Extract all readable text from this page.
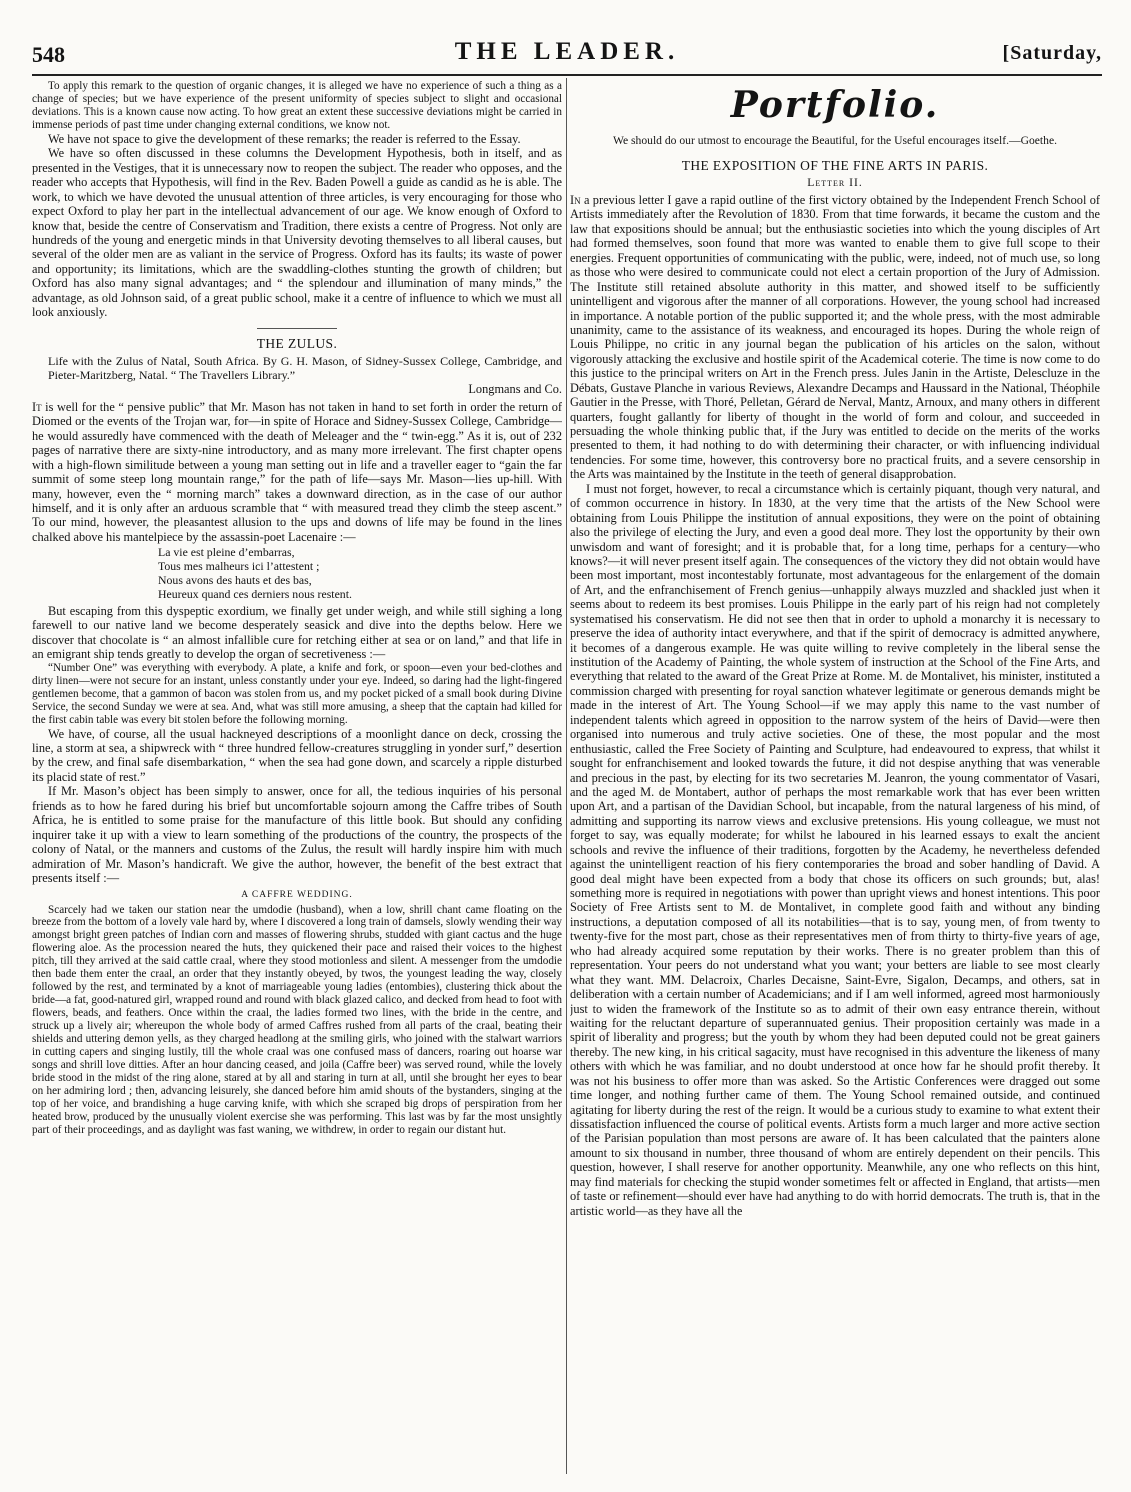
548	THE LEADER.	[Saturday,

To apply this remark to the question of organic changes, it is alleged we have no experience of such a thing as a change of species; but we have experience of the present uniformity of species subject to slight and occasional deviations. This is a known cause now acting. To how great an extent these successive deviations might be carried in immense periods of past time under changing external conditions, we know not.

We have not space to give the development of these remarks; the reader is referred to the Essay.

We have so often discussed in these columns the Development Hypothesis, both in itself, and as presented in the Vestiges, that it is unnecessary now to reopen the subject. The reader who opposes, and the reader who accepts that Hypothesis, will find in the Rev. Baden Powell a guide as candid as he is able. The work, to which we have devoted the unusual attention of three articles, is very encouraging for those who expect Oxford to play her part in the intellectual advancement of our age. We know enough of Oxford to know that, beside the centre of Conservatism and Tradition, there exists a centre of Progress. Not only are hundreds of the young and energetic minds in that University devoting themselves to all liberal causes, but several of the older men are as valiant in the service of Progress. Oxford has its faults; its waste of power and opportunity; its limitations, which are the swaddling-clothes stunting the growth of children; but Oxford has also many signal advantages; and “ the splendour and illumination of many minds,” the advantage, as old Johnson said, of a great public school, make it a centre of influence to which we must all look anxiously.

THE ZULUS.

Life with the Zulus of Natal, South Africa. By G. H. Mason, of Sidney-Sussex College, Cambridge, and Pieter-Maritzberg, Natal. “ The Travellers Library.”

Longmans and Co.

It is well for the “ pensive public” that Mr. Mason has not taken in hand to set forth in order the return of Diomed or the events of the Trojan war, for—in spite of Horace and Sidney-Sussex College, Cambridge—he would assuredly have commenced with the death of Meleager and the “ twin-egg.” As it is, out of 232 pages of narrative there are sixty-nine introductory, and as many more irrelevant. The first chapter opens with a high-flown similitude between a young man setting out in life and a traveller eager to “gain the far summit of some steep long mountain range,” for the path of life—says Mr. Mason—lies up-hill. With many, however, even the “ morning march” takes a downward direction, as in the case of our author himself, and it is only after an arduous scramble that “ with measured tread they climb the steep ascent.” To our mind, however, the pleasantest allusion to the ups and downs of life may be found in the lines chalked above his mantelpiece by the assassin-poet Lacenaire :—

La vie est pleine d’embarras,
Tous mes malheurs ici l’attestent ;
Nous avons des hauts et des bas,
Heureux quand ces derniers nous restent.

But escaping from this dyspeptic exordium, we finally get under weigh, and while still sighing a long farewell to our native land we become desperately seasick and dive into the depths below. Here we discover that chocolate is “ an almost infallible cure for retching either at sea or on land,” and that life in an emigrant ship tends greatly to develop the organ of secretiveness :—

“Number One” was everything with everybody. A plate, a knife and fork, or spoon—even your bed-clothes and dirty linen—were not secure for an instant, unless constantly under your eye. Indeed, so daring had the light-fingered gentlemen become, that a gammon of bacon was stolen from us, and my pocket picked of a small book during Divine Service, the second Sunday we were at sea. And, what was still more amusing, a sheep that the captain had killed for the first cabin table was every bit stolen before the following morning.

We have, of course, all the usual hackneyed descriptions of a moonlight dance on deck, crossing the line, a storm at sea, a shipwreck with “ three hundred fellow-creatures struggling in yonder surf,” desertion by the crew, and final safe disembarkation, “ when the sea had gone down, and scarcely a ripple disturbed its placid state of rest.”

If Mr. Mason’s object has been simply to answer, once for all, the tedious inquiries of his personal friends as to how he fared during his brief but uncomfortable sojourn among the Caffre tribes of South Africa, he is entitled to some praise for the manufacture of this little book. But should any confiding inquirer take it up with a view to learn something of the productions of the country, the prospects of the colony of Natal, or the manners and customs of the Zulus, the result will hardly inspire him with much admiration of Mr. Mason’s handicraft. We give the author, however, the benefit of the best extract that presents itself :—

A CAFFRE WEDDING.

Scarcely had we taken our station near the umdodie (husband), when a low, shrill chant came floating on the breeze from the bottom of a lovely vale hard by, where I discovered a long train of damsels, slowly wending their way amongst bright green patches of Indian corn and masses of flowering shrubs, studded with giant cactus and the huge flowering aloe. As the procession neared the huts, they quickened their pace and raised their voices to the highest pitch, till they arrived at the said cattle craal, where they stood motionless and silent. A messenger from the umdodie then bade them enter the craal, an order that they instantly obeyed, by twos, the youngest leading the way, closely followed by the rest, and terminated by a knot of marriageable young ladies (entombies), clustering thick about the bride—a fat, good-natured girl, wrapped round and round with black glazed calico, and decked from head to foot with flowers, beads, and feathers. Once within the craal, the ladies formed two lines, with the bride in the centre, and struck up a lively air; whereupon the whole body of armed Caffres rushed from all parts of the craal, beating their shields and uttering demon yells, as they charged headlong at the smiling girls, who joined with the stalwart warriors in cutting capers and singing lustily, till the whole craal was one confused mass of dancers, roaring out hoarse war songs and shrill love ditties. After an hour dancing ceased, and joila (Caffre beer) was served round, while the lovely bride stood in the midst of the ring alone, stared at by all and staring in turn at all, until she brought her eyes to bear on her admiring lord ; then, advancing leisurely, she danced before him amid shouts of the bystanders, singing at the top of her voice, and brandishing a huge carving knife, with which she scraped big drops of perspiration from her heated brow, produced by the unusually violent exercise she was performing. This last was by far the most unsightly part of their proceedings, and as daylight was fast waning, we withdrew, in order to regain our distant hut.

Portfolio.
We should do our utmost to encourage the Beautiful, for the Useful encourages itself.—Goethe.
THE EXPOSITION OF THE FINE ARTS IN PARIS.
Letter II.

In a previous letter I gave a rapid outline of the first victory obtained by the Independent French School of Artists immediately after the Revolution of 1830. From that time forwards, it became the custom and the law that expositions should be annual; but the enthusiastic societies into which the young disciples of Art had formed themselves, soon found that more was wanted to enable them to give full scope to their energies. Frequent opportunities of communicating with the public, were, indeed, not of much use, so long as those who were desired to communicate could not elect a certain proportion of the Jury of Admission. The Institute still retained absolute authority in this matter, and showed itself to be sufficiently unintelligent and vigorous after the manner of all corporations. However, the young school had increased in importance. A notable portion of the public supported it; and the whole press, with the most admirable unanimity, came to the assistance of its weakness, and encouraged its hopes. During the whole reign of Louis Philippe, no critic in any journal began the publication of his articles on the salon, without vigorously attacking the exclusive and hostile spirit of the Academical coterie. The time is now come to do this justice to the principal writers on Art in the French press. Jules Janin in the Artiste, Delescluze in the Débats, Gustave Planche in various Reviews, Alexandre Decamps and Haussard in the National, Théophile Gautier in the Presse, with Thoré, Pelletan, Gérard de Nerval, Mantz, Arnoux, and many others in different quarters, fought gallantly for liberty of thought in the world of form and colour, and succeeded in persuading the whole thinking public that, if the Jury was entitled to decide on the merits of the works presented to them, it had nothing to do with determining their character, or with influencing individual tendencies. For some time, however, this controversy bore no practical fruits, and a severe censorship in the Arts was maintained by the Institute in the teeth of general disapprobation.

I must not forget, however, to recal a circumstance which is certainly piquant, though very natural, and of common occurrence in history. In 1830, at the very time that the artists of the New School were obtaining from Louis Philippe the institution of annual expositions, they were on the point of obtaining also the privilege of electing the Jury, and even a good deal more. They lost the opportunity by their own unwisdom and want of foresight; and it is probable that, for a long time, perhaps for a century—who knows?—it will never present itself again. The consequences of the victory they did not obtain would have been most important, most incontestably fortunate, most advantageous for the enlargement of the domain of Art, and the enfranchisement of French genius—unhappily always muzzled and shackled just when it seems about to redeem its best promises. Louis Philippe in the early part of his reign had not completely systematised his conservatism. He did not see then that in order to uphold a monarchy it is necessary to preserve the idea of authority intact everywhere, and that if the spirit of democracy is admitted anywhere, it becomes of a dangerous example. He was quite willing to revive completely in the liberal sense the institution of the Academy of Painting, the whole system of instruction at the School of the Fine Arts, and everything that related to the award of the Great Prize at Rome. M. de Montalivet, his minister, instituted a commission charged with presenting for royal sanction whatever legitimate or generous demands might be made in the interest of Art. The Young School—if we may apply this name to the vast number of independent talents which agreed in opposition to the narrow system of the heirs of David—were then organised into numerous and truly active societies. One of these, the most popular and the most enthusiastic, called the Free Society of Painting and Sculpture, had endeavoured to express, that whilst it sought for enfranchisement and looked towards the future, it did not despise anything that was venerable and precious in the past, by electing for its two secretaries M. Jeanron, the young commentator of Vasari, and the aged M. de Montabert, author of perhaps the most remarkable work that has ever been written upon Art, and a partisan of the Davidian School, but incapable, from the natural largeness of his mind, of admitting and supporting its narrow views and exclusive pretensions. His young colleague, we must not forget to say, was equally moderate; for whilst he laboured in his learned essays to exalt the ancient schools and revive the influence of their traditions, forgotten by the Academy, he nevertheless defended against the unintelligent reaction of his fiery contemporaries the broad and sober handling of David. A good deal might have been expected from a body that chose its officers on such grounds; but, alas! something more is required in negotiations with power than upright views and honest intentions. This poor Society of Free Artists sent to M. de Montalivet, in complete good faith and without any binding instructions, a deputation composed of all its notabilities—that is to say, young men, of from twenty to twenty-five for the most part, chose as their representatives men of from thirty to thirty-five years of age, who had already acquired some reputation by their works. There is no greater problem than this of representation. Your peers do not understand what you want; your betters are liable to see most clearly what they want. MM. Delacroix, Charles Decaisne, Saint-Evre, Sigalon, Decamps, and others, sat in deliberation with a certain number of Academicians; and if I am well informed, agreed most harmoniously just to widen the framework of the Institute so as to admit of their own easy entrance therein, without waiting for the reluctant departure of superannuated genius. Their proposition certainly was made in a spirit of liberality and progress; but the youth by whom they had been deputed could not be great gainers thereby. The new king, in his critical sagacity, must have recognised in this adventure the likeness of many others with which he was familiar, and no doubt understood at once how far he should profit thereby. It was not his business to offer more than was asked. So the Artistic Conferences were dragged out some time longer, and nothing further came of them. The Young School remained outside, and continued agitating for liberty during the rest of the reign. It would be a curious study to examine to what extent their dissatisfaction influenced the course of political events. Artists form a much larger and more active section of the Parisian population than most persons are aware of. It has been calculated that the painters alone amount to six thousand in number, three thousand of whom are entirely dependent on their pencils. This question, however, I shall reserve for another opportunity. Meanwhile, any one who reflects on this hint, may find materials for checking the stupid wonder sometimes felt or affected in England, that artists—men of taste or refinement—should ever have had anything to do with horrid democrats. The truth is, that in the artistic world—as they have all the
